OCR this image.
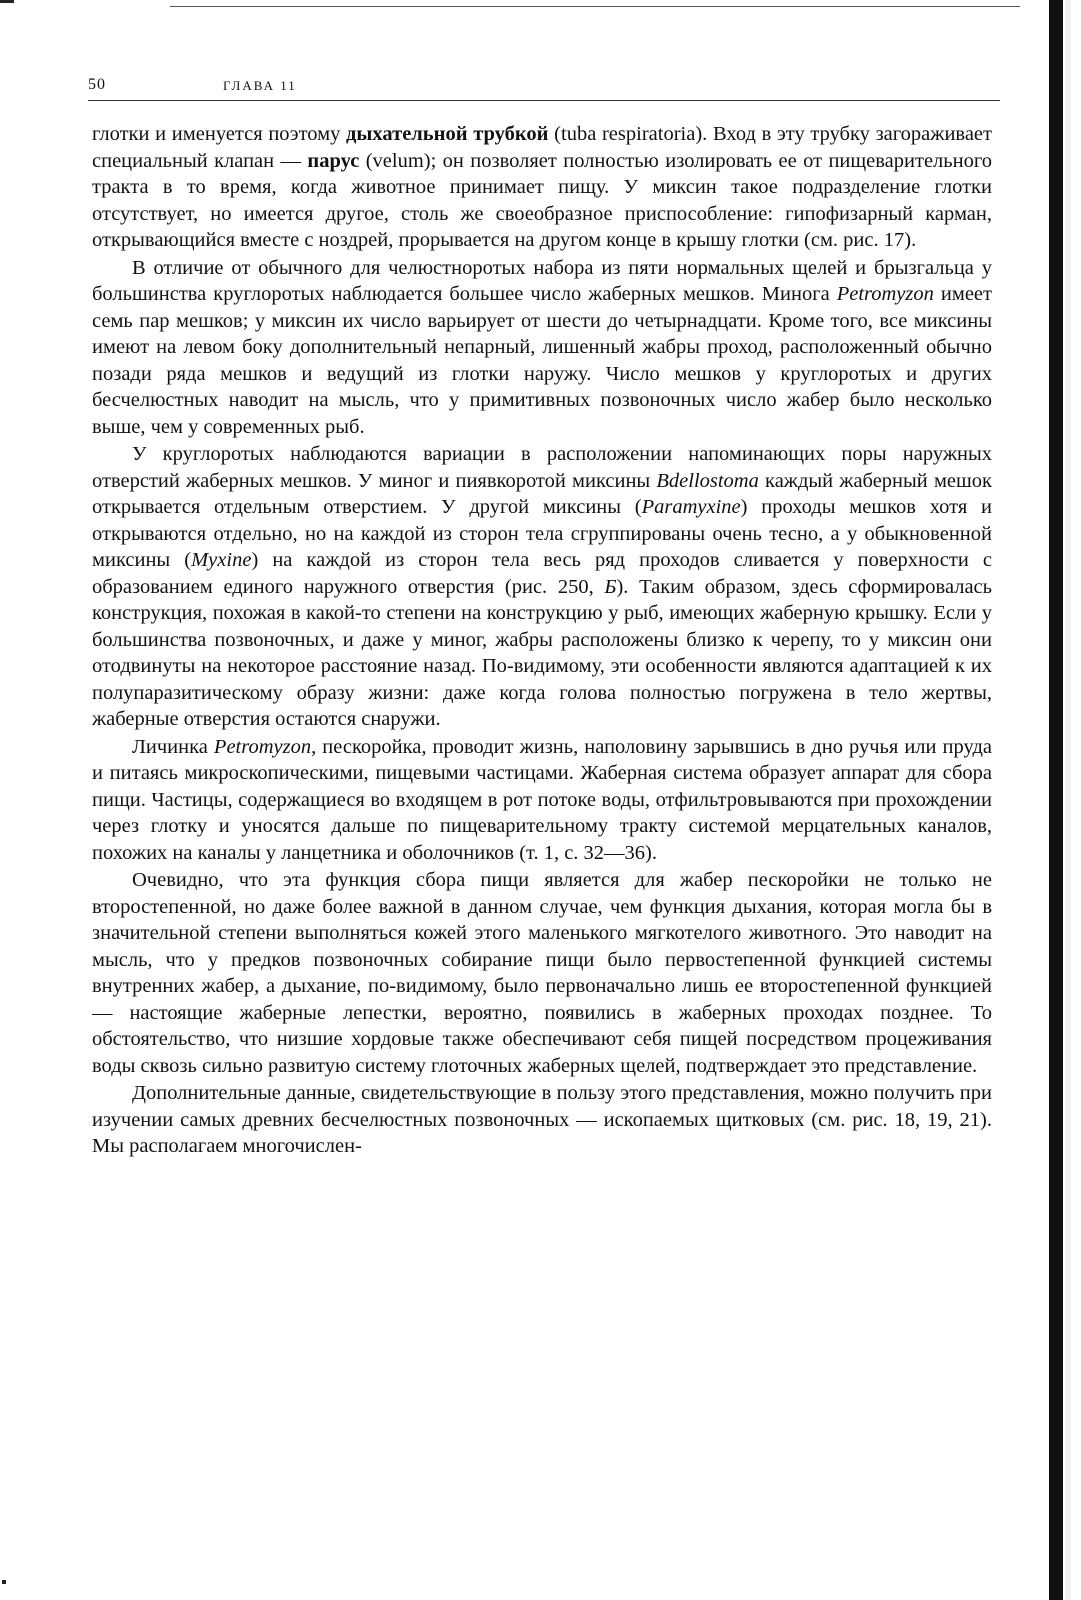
50	ГЛАВА 11

глотки и именуется поэтому дыхательной трубкой (tuba respiratoria). Вход в эту трубку загораживает специальный клапан — парус (velum); он позволяет полностью изолировать ее от пищеварительного тракта в то время, когда животное принимает пищу. У миксин такое подразделение глотки отсутствует, но имеется другое, столь же своеобразное приспособление: гипофизарный карман, открывающийся вместе с ноздрей, прорывается на другом конце в крышу глотки (см. рис. 17).

В отличие от обычного для челюстноротых набора из пяти нормальных щелей и брызгальца у большинства круглоротых наблюдается большее число жаберных мешков. Минога Petromyzon имеет семь пар мешков; у миксин их число варьирует от шести до четырнадцати. Кроме того, все миксины имеют на левом боку дополнительный непарный, лишенный жабры проход, расположенный обычно позади ряда мешков и ведущий из глотки наружу. Число мешков у круглоротых и других бесчелюстных наводит на мысль, что у примитивных позвоночных число жабер было несколько выше, чем у современных рыб.

У круглоротых наблюдаются вариации в расположении напоминающих поры наружных отверстий жаберных мешков. У миног и пиявкоротой миксины Bdellostoma каждый жаберный мешок открывается отдельным отверстием. У другой миксины (Paramyxine) проходы мешков хотя и открываются отдельно, но на каждой из сторон тела сгруппированы очень тесно, а у обыкновенной миксины (Myxine) на каждой из сторон тела весь ряд проходов сливается у поверхности с образованием единого наружного отверстия (рис. 250, Б). Таким образом, здесь сформировалась конструкция, похожая в какой-то степени на конструкцию у рыб, имеющих жаберную крышку. Если у большинства позвоночных, и даже у миног, жабры расположены близко к черепу, то у миксин они отодвинуты на некоторое расстояние назад. По-видимому, эти особенности являются адаптацией к их полупаразитическому образу жизни: даже когда голова полностью погружена в тело жертвы, жаберные отверстия остаются снаружи.

Личинка Petromyzon, пескоройка, проводит жизнь, наполовину зарывшись в дно ручья или пруда и питаясь микроскопическими, пищевыми частицами. Жаберная система образует аппарат для сбора пищи. Частицы, содержащиеся во входящем в рот потоке воды, отфильтровываются при прохождении через глотку и уносятся дальше по пищеварительному тракту системой мерцательных каналов, похожих на каналы у ланцетника и оболочников (т. 1, с. 32—36).

Очевидно, что эта функция сбора пищи является для жабер пескоройки не только не второстепенной, но даже более важной в данном случае, чем функция дыхания, которая могла бы в значительной степени выполняться кожей этого маленького мягкотелого животного. Это наводит на мысль, что у предков позвоночных собирание пищи было первостепенной функцией системы внутренних жабер, а дыхание, по-видимому, было первоначально лишь ее второстепенной функцией — настоящие жаберные лепестки, вероятно, появились в жаберных проходах позднее. То обстоятельство, что низшие хордовые также обеспечивают себя пищей посредством процеживания воды сквозь сильно развитую систему глоточных жаберных щелей, подтверждает это представление.

Дополнительные данные, свидетельствующие в пользу этого представления, можно получить при изучении самых древних бесчелюстных позвоночных — ископаемых щитковых (см. рис. 18, 19, 21). Мы располагаем многочислен-
